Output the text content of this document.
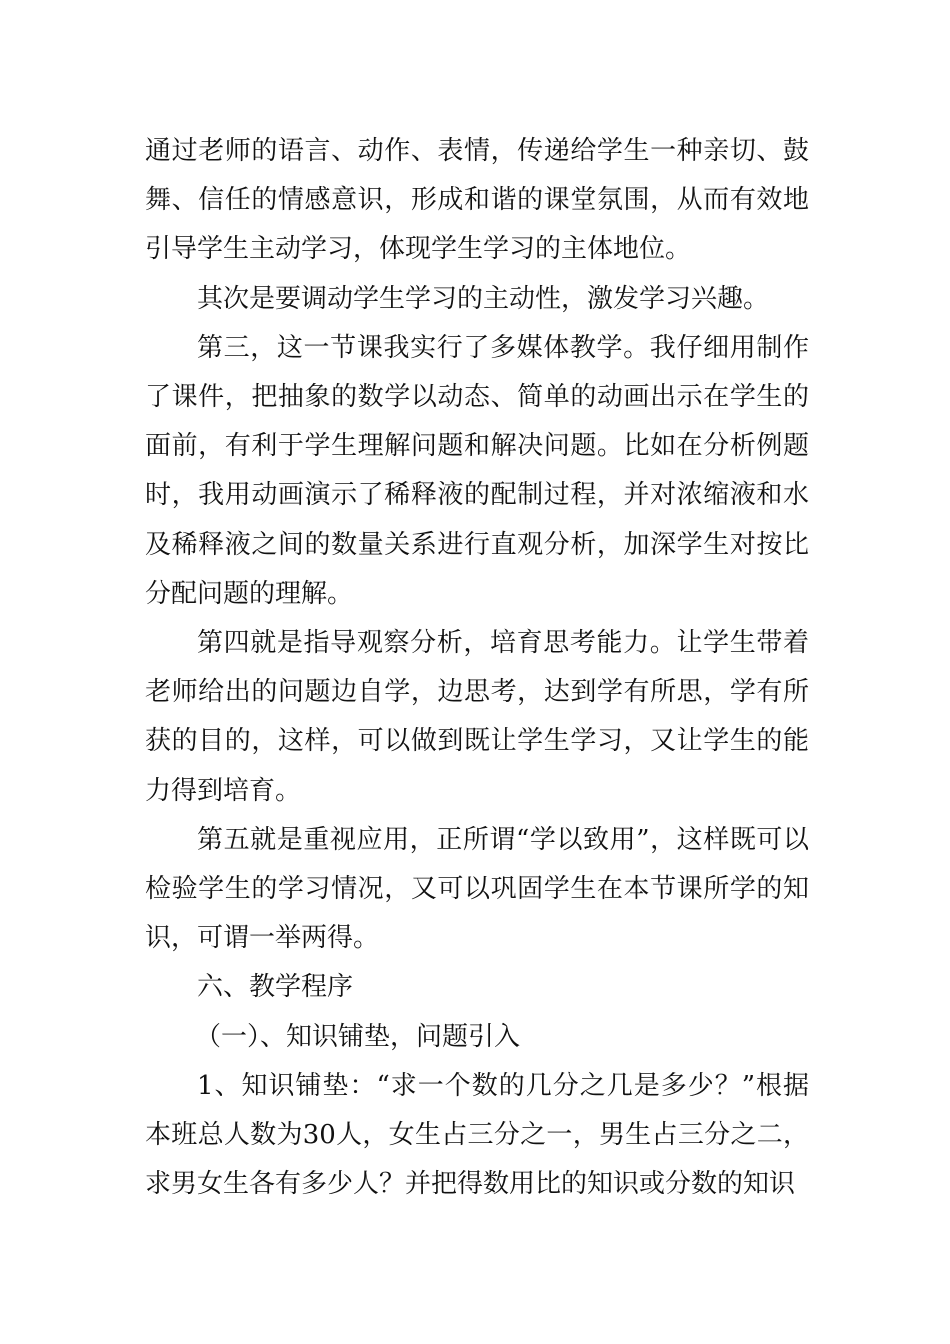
通过老师的语言、动作、表情，传递给学生一种亲切、鼓舞、信任的情感意识，形成和谐的课堂氛围，从而有效地引导学生主动学习，体现学生学习的主体地位。

其次是要调动学生学习的主动性，激发学习兴趣。

第三，这一节课我实行了多媒体教学。我仔细用制作了课件，把抽象的数学以动态、简单的动画出示在学生的面前，有利于学生理解问题和解决问题。比如在分析例题时，我用动画演示了稀释液的配制过程，并对浓缩液和水及稀释液之间的数量关系进行直观分析，加深学生对按比分配问题的理解。

第四就是指导观察分析，培育思考能力。让学生带着老师给出的问题边自学，边思考，达到学有所思，学有所获的目的，这样，可以做到既让学生学习，又让学生的能力得到培育。

第五就是重视应用，正所谓“学以致用”，这样既可以检验学生的学习情况，又可以巩固学生在本节课所学的知识，可谓一举两得。

六、教学程序

（一）、知识铺垫，问题引入

1、知识铺垫：“求一个数的几分之几是多少？”根据本班总人数为30人，女生占三分之一，男生占三分之二，求男女生各有多少人？并把得数用比的知识或分数的知识
